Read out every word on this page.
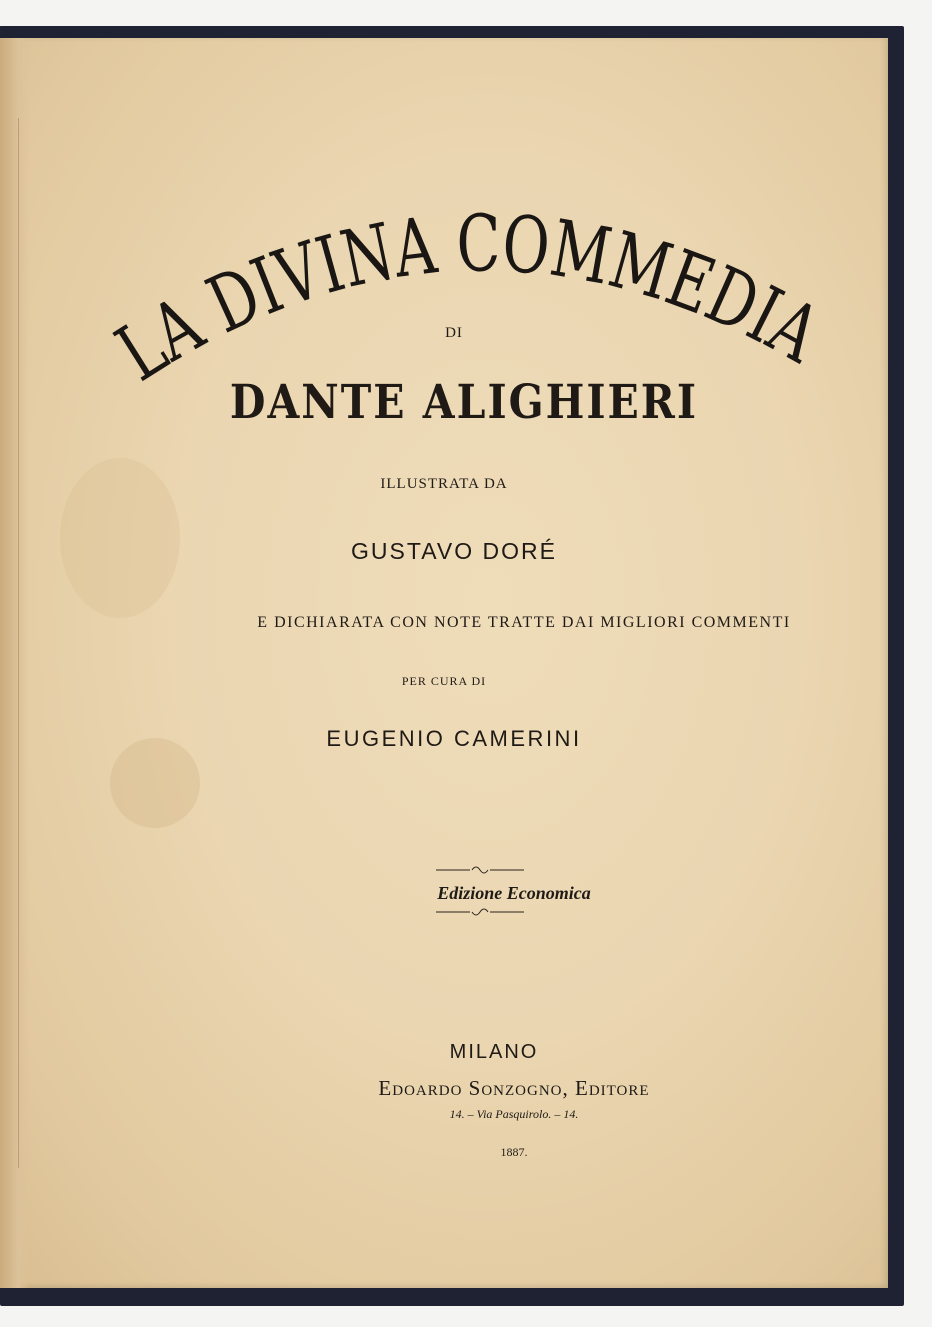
LA DIVINA COMMEDIA
DI
DANTE ALIGHIERI
ILLUSTRATA DA
GUSTAVO DORÉ
E DICHIARATA CON NOTE TRATTE DAI MIGLIORI COMMENTI
PER CURA DI
EUGENIO CAMERINI
Edizione Economica
MILANO
Edoardo Sonzogno, Editore
14. – Via Pasquirolo. – 14.
1887.
